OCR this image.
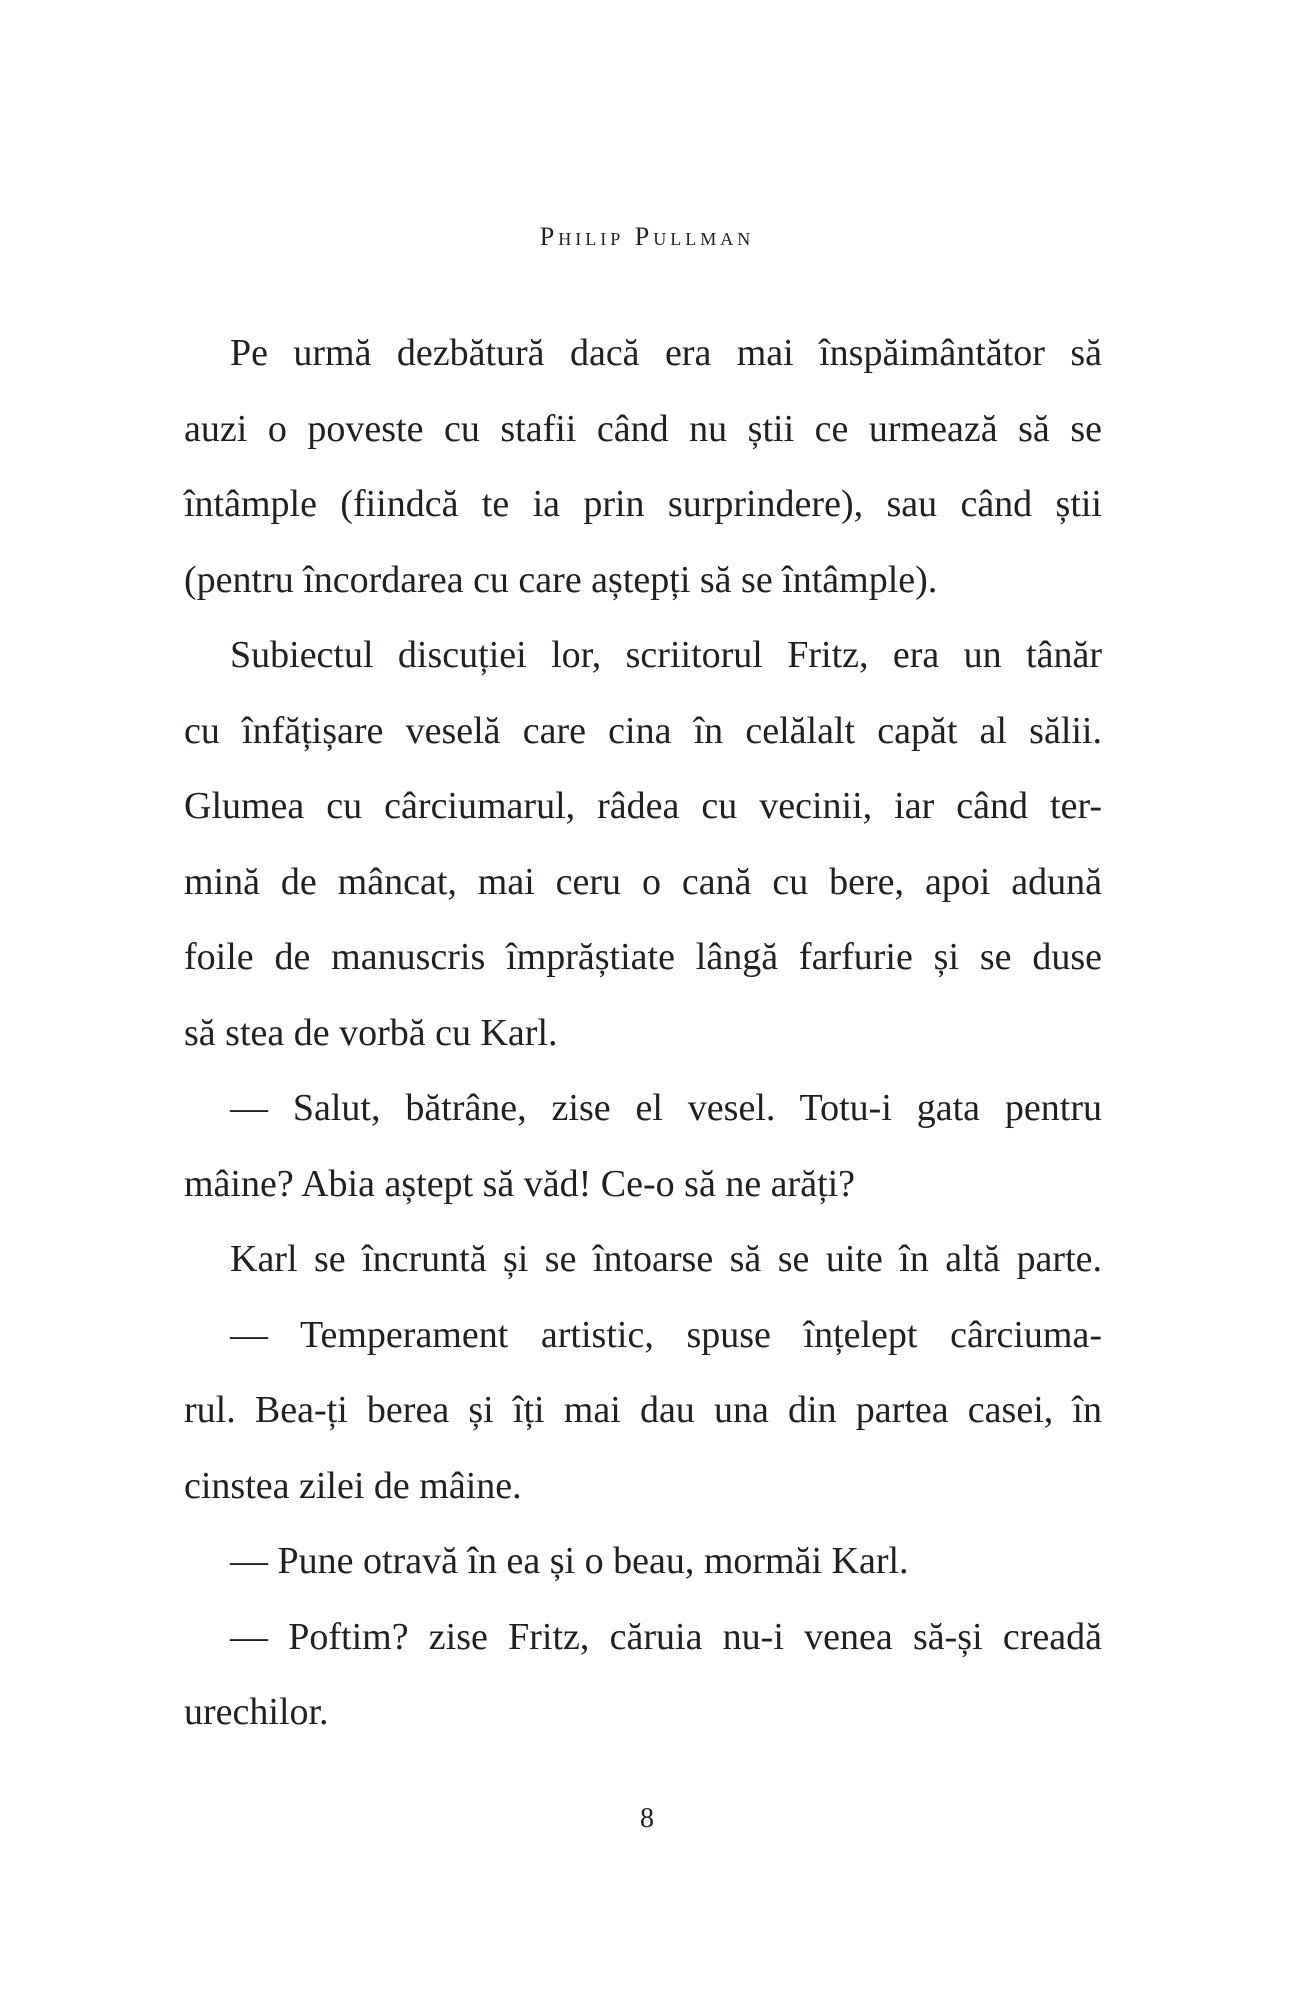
Philip Pullman
Pe urmă dezbătură dacă era mai înspăimântător să
auzi o poveste cu stafii când nu știi ce urmează să se
întâmple (fiindcă te ia prin surprindere), sau când știi
(pentru încordarea cu care aștepți să se întâmple).
Subiectul discuției lor, scriitorul Fritz, era un tânăr
cu înfățișare veselă care cina în celălalt capăt al sălii.
Glumea cu cârciumarul, râdea cu vecinii, iar când ter-
mină de mâncat, mai ceru o cană cu bere, apoi adună
foile de manuscris împrăștiate lângă farfurie și se duse
să stea de vorbă cu Karl.
— Salut, bătrâne, zise el vesel. Totu-i gata pentru
mâine? Abia aștept să văd! Ce-o să ne arăți?
Karl se încruntă și se întoarse să se uite în altă parte.
— Temperament artistic, spuse înțelept cârciuma-
rul. Bea-ți berea și îți mai dau una din partea casei, în
cinstea zilei de mâine.
— Pune otravă în ea și o beau, mormăi Karl.
— Poftim? zise Fritz, căruia nu-i venea să-și creadă
urechilor.
8
